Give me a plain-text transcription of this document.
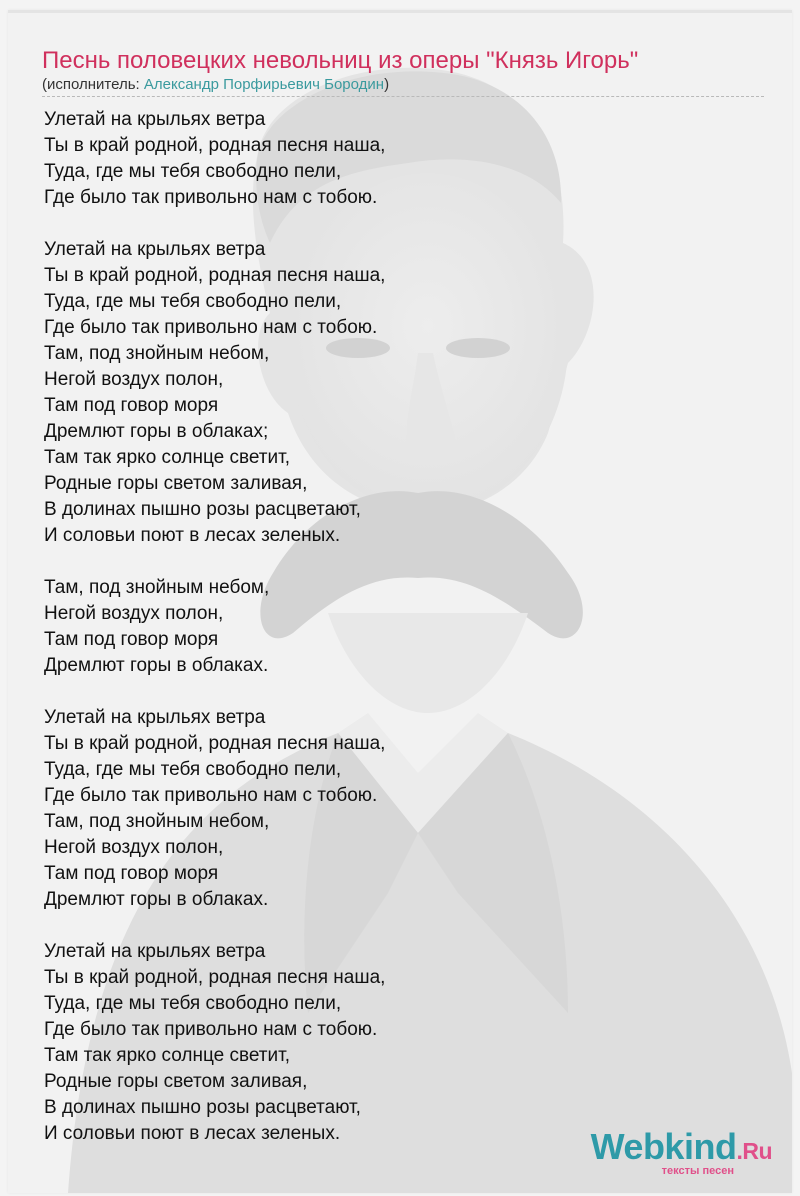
Песнь половецких невольниц из оперы "Князь Игорь"
(исполнитель: Александр Порфирьевич Бородин)
Улетай на крыльях ветра
Ты в край родной, родная песня наша,
Туда, где мы тебя свободно пели,
Где было так привольно нам с тобою.
Улетай на крыльях ветра
Ты в край родной, родная песня наша,
Туда, где мы тебя свободно пели,
Где было так привольно нам с тобою.
Там, под знойным небом,
Негой воздух полон,
Там под говор моря
Дремлют горы в облаках;
Там так ярко солнце светит,
Родные горы светом заливая,
В долинах пышно розы расцветают,
И соловьи поют в лесах зеленых.
Там, под знойным небом,
Негой воздух полон,
Там под говор моря
Дремлют горы в облаках.
Улетай на крыльях ветра
Ты в край родной, родная песня наша,
Туда, где мы тебя свободно пели,
Где было так привольно нам с тобою.
Там, под знойным небом,
Негой воздух полон,
Там под говор моря
Дремлют горы в облаках.
Улетай на крыльях ветра
Ты в край родной, родная песня наша,
Туда, где мы тебя свободно пели,
Где было так привольно нам с тобою.
Там так ярко солнце светит,
Родные горы светом заливая,
В долинах пышно розы расцветают,
И соловьи поют в лесах зеленых.	Webkind.Ru
тексты песен
